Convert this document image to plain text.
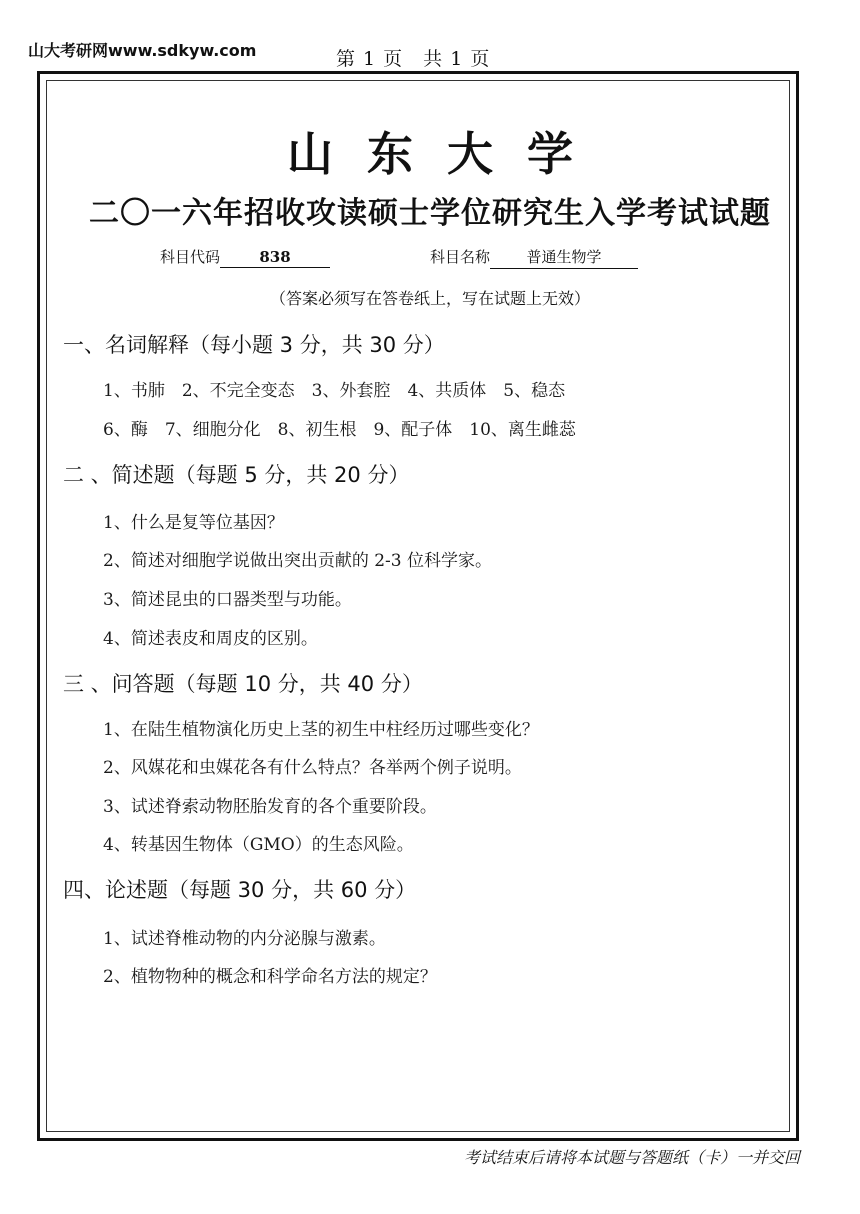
山大考研网www.sdkyw.com	第 1 页　共 1 页
山东大学
二〇一六年招收攻读硕士学位研究生入学考试试题
科目代码	838	科目名称 普通生物学
（答案必须写在答卷纸上，写在试题上无效）
一、名词解释（每小题 3 分，共 30 分）
1、书肺　2、不完全变态　3、外套腔　4、共质体　5、稳态
6、酶　7、细胞分化　8、初生根　9、配子体　10、离生雌蕊
二 、简述题（每题 5 分，共 20 分）
1、什么是复等位基因？
2、简述对细胞学说做出突出贡献的 2-3 位科学家。
3、简述昆虫的口器类型与功能。
4、简述表皮和周皮的区别。
三 、问答题（每题 10 分，共 40 分）
1、在陆生植物演化历史上茎的初生中柱经历过哪些变化？
2、风媒花和虫媒花各有什么特点？各举两个例子说明。
3、试述脊索动物胚胎发育的各个重要阶段。
4、转基因生物体（GMO）的生态风险。
四、论述题（每题 30 分，共 60 分）
1、试述脊椎动物的内分泌腺与激素。
2、植物物种的概念和科学命名方法的规定？
考试结束后请将本试题与答题纸（卡）一并交回
